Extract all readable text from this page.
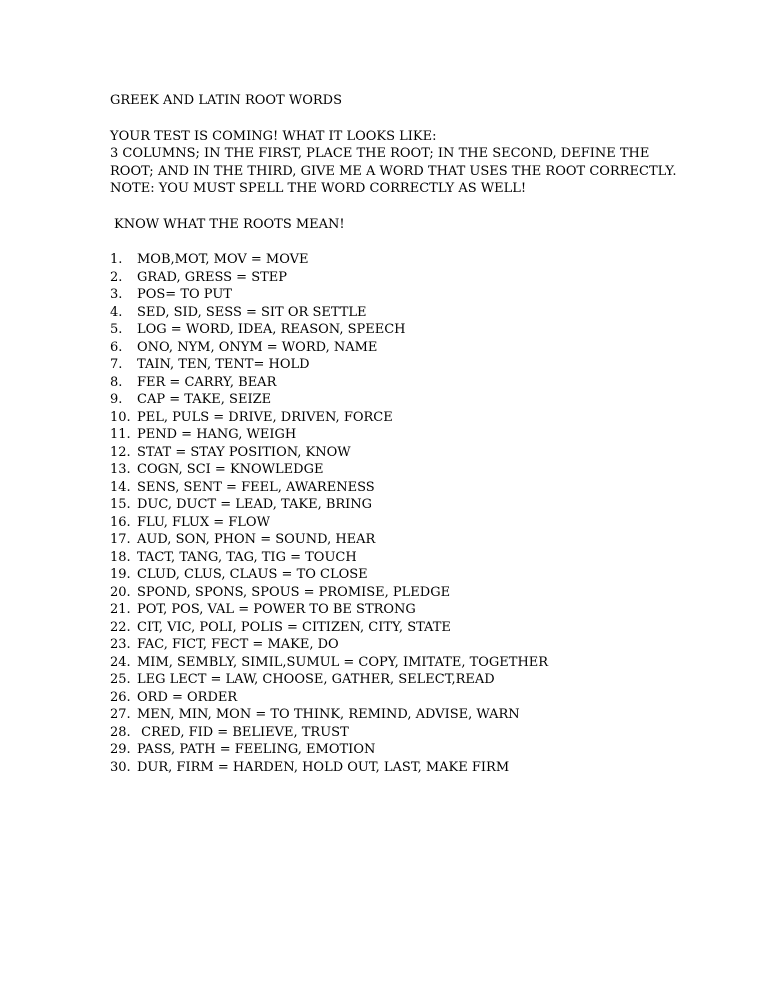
GREEK AND LATIN ROOT WORDS

YOUR TEST IS COMING! WHAT IT LOOKS LIKE:

3 COLUMNS; IN THE FIRST, PLACE THE ROOT; IN THE SECOND, DEFINE THE

ROOT; AND IN THE THIRD, GIVE ME A WORD THAT USES THE ROOT CORRECTLY.

NOTE: YOU MUST SPELL THE WORD CORRECTLY AS WELL!

KNOW WHAT THE ROOTS MEAN!

1.	MOB,MOT, MOV = MOVE
2.	GRAD, GRESS = STEP
3.	POS= TO PUT
4.	SED, SID, SESS = SIT OR SETTLE
5.	LOG = WORD, IDEA, REASON, SPEECH
6.	ONO, NYM, ONYM = WORD, NAME
7.	TAIN, TEN, TENT= HOLD
8.	FER = CARRY, BEAR
9.	CAP = TAKE, SEIZE
10. PEL, PULS = DRIVE, DRIVEN, FORCE
11. PEND = HANG, WEIGH
12. STAT = STAY POSITION, KNOW
13. COGN, SCI = KNOWLEDGE
14. SENS, SENT = FEEL, AWARENESS
15. DUC, DUCT = LEAD, TAKE, BRING
16. FLU, FLUX = FLOW
17. AUD, SON, PHON = SOUND, HEAR
18. TACT, TANG, TAG, TIG = TOUCH
19. CLUD, CLUS, CLAUS = TO CLOSE
20. SPOND, SPONS, SPOUS = PROMISE, PLEDGE
21. POT, POS, VAL = POWER TO BE STRONG
22. CIT, VIC, POLI, POLIS = CITIZEN, CITY, STATE
23. FAC, FICT, FECT = MAKE, DO
24. MIM, SEMBLY, SIMIL,SUMUL = COPY, IMITATE, TOGETHER
25. LEG LECT = LAW, CHOOSE, GATHER, SELECT,READ
26. ORD = ORDER
27. MEN, MIN, MON = TO THINK, REMIND, ADVISE, WARN
28. CRED, FID = BELIEVE, TRUST
29. PASS, PATH = FEELING, EMOTION
30. DUR, FIRM = HARDEN, HOLD OUT, LAST, MAKE FIRM
